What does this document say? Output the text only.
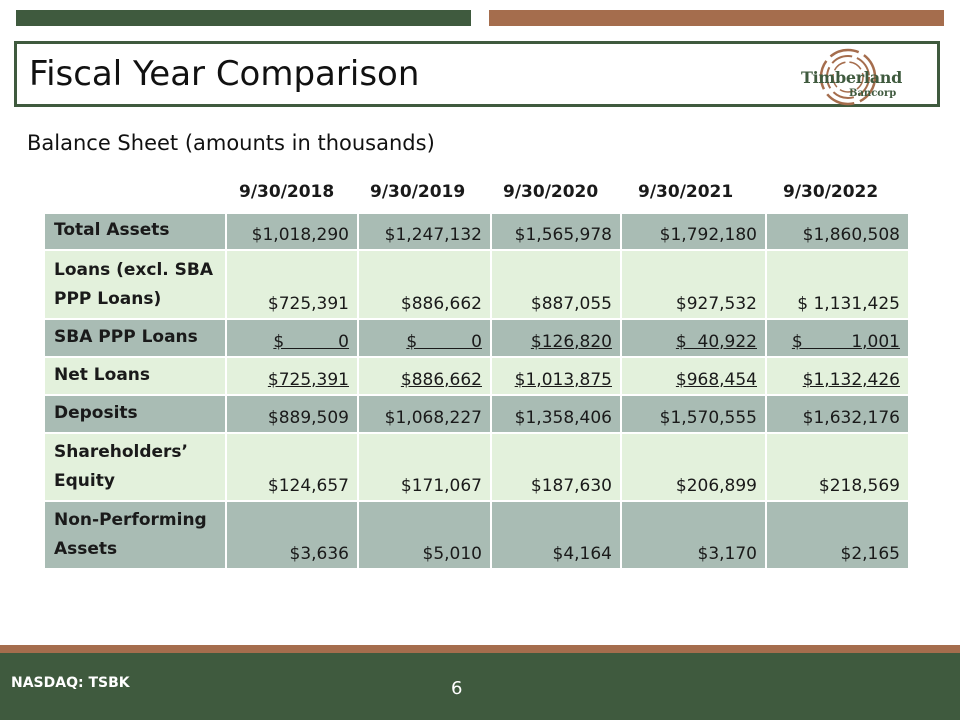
Fiscal Year Comparison	Timberland
Bancorp
Balance Sheet (amounts in thousands)
9/30/2018 9/30/2019 9/30/2020 9/30/2021	9/30/2022
Total Assets	$1,018,290	$1,247,132	$1,565,978	$1,792,180	$1,860,508
Loans (excl. SBA PPP Loans)	$725,391	$886,662	$887,055	$927,532	$ 1,131,425
SBA PPP Loans	$          0	$          0	$126,820	$  40,922	$         1,001
Net Loans	$725,391	$886,662	$1,013,875	$968,454	$1,132,426
Deposits	$889,509	$1,068,227	$1,358,406	$1,570,555	$1,632,176
Shareholders’ Equity	$124,657	$171,067	$187,630	$206,899	$218,569
Non-Performing Assets	$3,636	$5,010	$4,164	$3,170	$2,165
NASDAQ: TSBK	6
